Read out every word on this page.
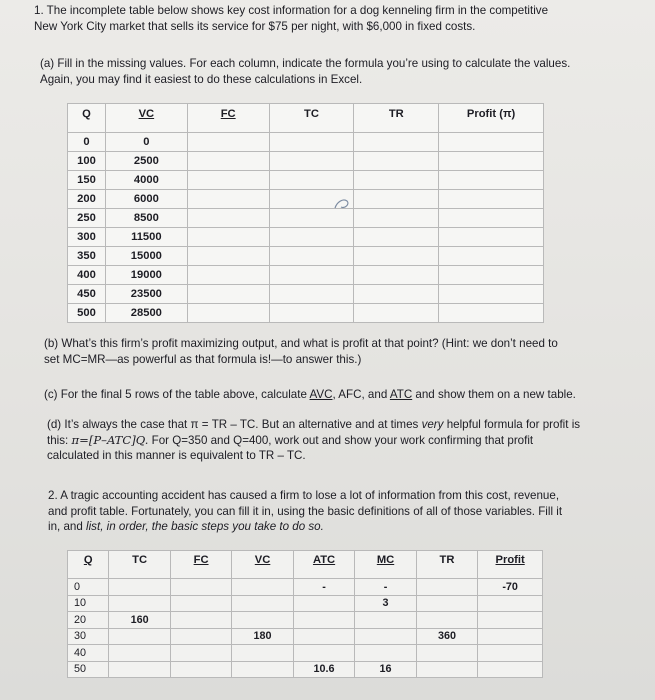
1. The incomplete table below shows key cost information for a dog kenneling firm in the competitive
New York City market that sells its service for $75 per night, with $6,000 in fixed costs.
(a) Fill in the missing values. For each column, indicate the formula you’re using to calculate the values.
Again, you may find it easiest to do these calculations in Excel.
Q	VC	FC	TC	TR	Profit (π)
0	0				
100	2500				
150	4000				
200	6000				
250	8500				
300	11500				
350	15000				
400	19000				
450	23500				
500	28500				
(b) What’s this firm’s profit maximizing output, and what is profit at that point? (Hint: we don’t need to
set MC=MR—as powerful as that formula is!—to answer this.)
(c) For the final 5 rows of the table above, calculate AVC, AFC, and ATC and show them on a new table.
(d) It’s always the case that π = TR – TC. But an alternative and at times very helpful formula for profit is
this: π=[P–ATC]Q. For Q=350 and Q=400, work out and show your work confirming that profit
calculated in this manner is equivalent to TR – TC.
2. A tragic accounting accident has caused a firm to lose a lot of information from this cost, revenue,
and profit table. Fortunately, you can fill it in, using the basic definitions of all of those variables. Fill it
in, and list, in order, the basic steps you take to do so.
Q	TC	FC	VC	ATC	MC	TR	Profit
0				-	-		-70
10					3		
20	160						
30			180			360	
40							
50				10.6	16		
